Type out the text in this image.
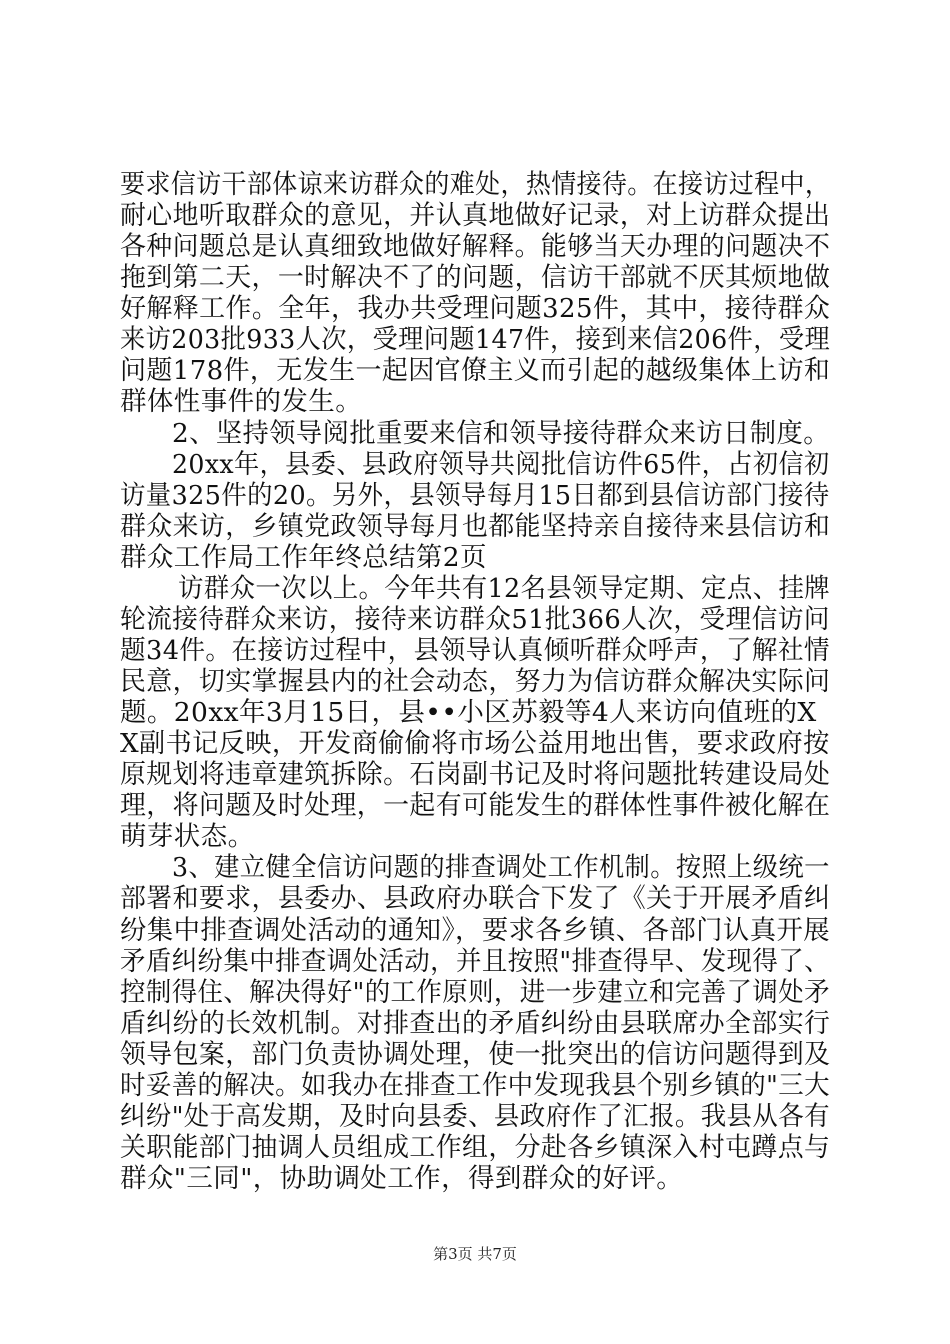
要求信访干部体谅来访群众的难处，热情接待。在接访过程中，
耐心地听取群众的意见，并认真地做好记录，对上访群众提出
各种问题总是认真细致地做好解释。能够当天办理的问题决不
拖到第二天，一时解决不了的问题，信访干部就不厌其烦地做
好解释工作。全年，我办共受理问题325件，其中，接待群众
来访203批933人次，受理问题147件，接到来信206件，受理
问题178件，无发生一起因官僚主义而引起的越级集体上访和
群体性事件的发生。
2、坚持领导阅批重要来信和领导接待群众来访日制度。
20xx年，县委、县政府领导共阅批信访件65件，占初信初
访量325件的20。另外，县领导每月15日都到县信访部门接待
群众来访，乡镇党政领导每月也都能坚持亲自接待来县信访和
群众工作局工作年终总结第2页
访群众一次以上。今年共有12名县领导定期、定点、挂牌
轮流接待群众来访，接待来访群众51批366人次，受理信访问
题34件。在接访过程中，县领导认真倾听群众呼声，了解社情
民意，切实掌握县内的社会动态，努力为信访群众解决实际问
题。20xx年3月15日，县••小区苏毅等4人来访向值班的X
X副书记反映，开发商偷偷将市场公益用地出售，要求政府按
原规划将违章建筑拆除。石岗副书记及时将问题批转建设局处
理，将问题及时处理，一起有可能发生的群体性事件被化解在
萌芽状态。
3、建立健全信访问题的排查调处工作机制。按照上级统一
部署和要求，县委办、县政府办联合下发了《关于开展矛盾纠
纷集中排查调处活动的通知》，要求各乡镇、各部门认真开展
矛盾纠纷集中排查调处活动，并且按照"排查得早、发现得了、
控制得住、解决得好"的工作原则，进一步建立和完善了调处矛
盾纠纷的长效机制。对排查出的矛盾纠纷由县联席办全部实行
领导包案，部门负责协调处理，使一批突出的信访问题得到及
时妥善的解决。如我办在排查工作中发现我县个别乡镇的"三大
纠纷"处于高发期，及时向县委、县政府作了汇报。我县从各有
关职能部门抽调人员组成工作组，分赴各乡镇深入村屯蹲点与
群众"三同"，协助调处工作，得到群众的好评。
第3页 共7页
